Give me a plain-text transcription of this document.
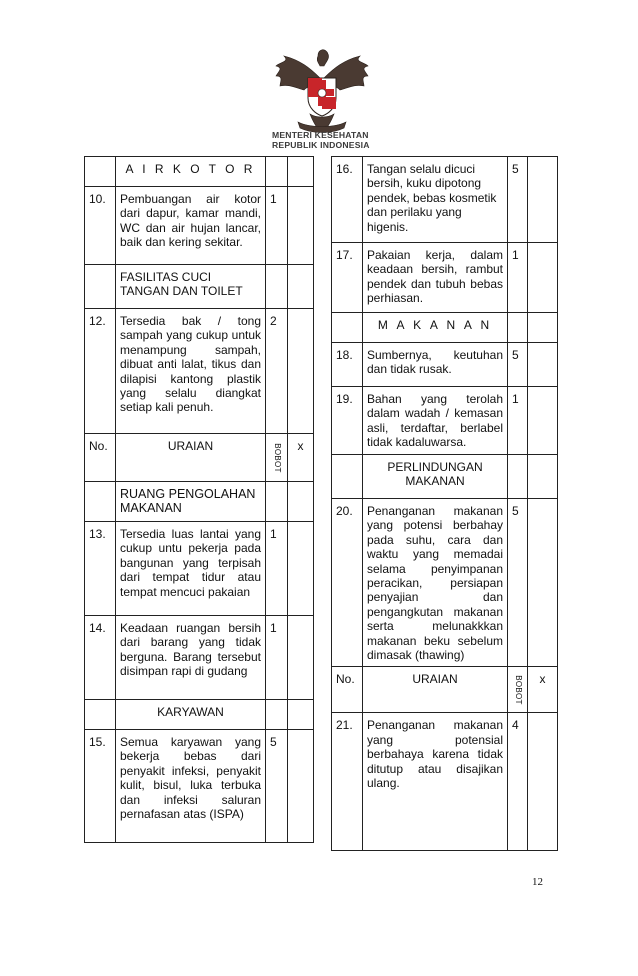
MENTERI KESEHATAN
REPUBLIK INDONESIA
	A I R K O T O R		
10.	Pembuangan air kotor dari dapur, kamar mandi, WC dan air hujan lancar, baik dan kering sekitar.	1	
	FASILITAS CUCI TANGAN DAN TOILET		
12.	Tersedia bak / tong sampah yang cukup untuk menampung sampah, dibuat anti lalat, tikus dan dilapisi kantong plastik yang selalu diangkat setiap kali penuh.	2	
No.	URAIAN	BOBOT	x
	RUANG PENGOLAHAN MAKANAN		
13.	Tersedia luas lantai yang cukup untu pekerja pada bangunan yang terpisah dari tempat tidur atau tempat mencuci pakaian	1	
14.	Keadaan ruangan bersih dari barang yang tidak berguna. Barang tersebut disimpan rapi di gudang	1	
	KARYAWAN		
15.	Semua karyawan yang bekerja bebas dari penyakit infeksi, penyakit kulit, bisul, luka terbuka dan infeksi saluran pernafasan atas (ISPA)	5	
16.	Tangan selalu dicuci bersih, kuku dipotong pendek, bebas kosmetik dan perilaku yang higenis.	5	
17.	Pakaian kerja, dalam keadaan bersih, rambut pendek dan tubuh bebas perhiasan.	1	
	M A K A N A N		
18.	Sumbernya, keutuhan dan tidak rusak.	5	
19.	Bahan yang terolah dalam wadah / kemasan asli, terdaftar, berlabel tidak kadaluwarsa.	1	
	PERLINDUNGAN MAKANAN		
20.	Penanganan makanan yang potensi berbahay pada suhu, cara dan waktu yang memadai selama penyimpanan peracikan, persiapan penyajian dan pengangkutan makanan serta melunakkkan makanan beku sebelum dimasak (thawing)	5	
No.	URAIAN	BOBOT	x
21.	Penanganan makanan yang potensial berbahaya karena tidak ditutup atau disajikan ulang.	4	
12
